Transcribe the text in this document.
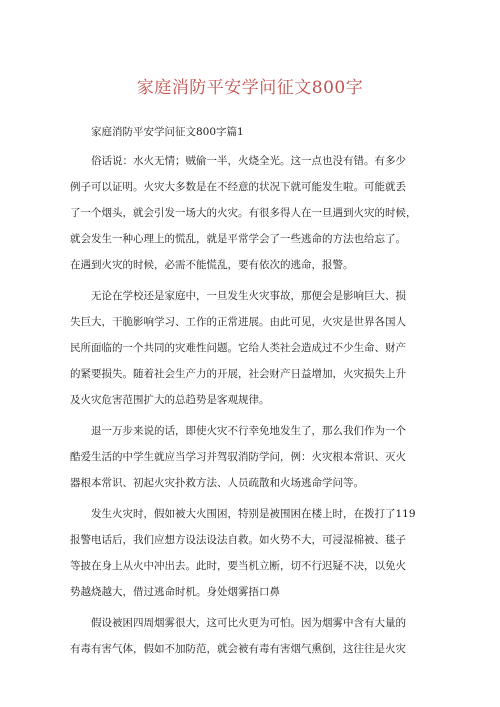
家庭消防平安学问征文800字
家庭消防平安学问征文800字篇1
俗话说：水火无情；贼偷一半，火烧全光。这一点也没有错。有多少
例子可以证明。火灾大多数是在不经意的状况下就可能发生啦。可能就丢
了一个烟头，就会引发一场大的火灾。有很多得人在一旦遇到火灾的时候，
就会发生一种心理上的慌乱，就是平常学会了一些逃命的方法也给忘了。
在遇到火灾的时候，必需不能慌乱，要有依次的逃命，报警。
无论在学校还是家庭中，一旦发生火灾事故，那便会是影响巨大、损
失巨大，干脆影响学习、工作的正常进展。由此可见，火灾是世界各国人
民所面临的一个共同的灾难性问题。它给人类社会造成过不少生命、财产
的紧要损失。随着社会生产力的开展，社会财产日益增加，火灾损失上升
及火灾危害范围扩大的总趋势是客观规律。
退一万步来说的话，即使火灾不行幸免地发生了，那么我们作为一个
酷爱生活的中学生就应当学习并驾驭消防学问，例：火灾根本常识、灭火
器根本常识、初起火灾扑救方法、人员疏散和火场逃命学问等。
发生火灾时，假如被大火围困，特别是被围困在楼上时，在拨打了119
报警电话后，我们应想方设法设法自救。如火势不大，可浸湿棉被、毯子
等披在身上从火中冲出去。此时，要当机立断，切不行迟疑不决，以免火
势越烧越大，借过逃命时机。身处烟雾捂口鼻
假设被困四周烟雾很大，这可比火更为可怕。因为烟雾中含有大量的
有毒有害气体，假如不加防范，就会被有毒有害烟气熏倒，这往往是火灾
